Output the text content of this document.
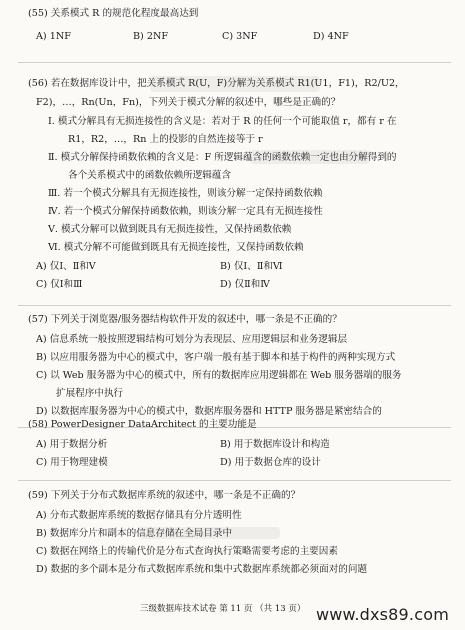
(55) 关系模式 R 的规范化程度最高达到
A) 1NF	B) 2NF	C) 3NF	D) 4NF
(56) 若在数据库设计中，把关系模式 R(U，F)分解为关系模式 R1(U1，F1)，R2/U2，
F2)，…，Rn(Un，Fn)，下列关于模式分解的叙述中，哪些是正确的？
Ⅰ. 模式分解具有无损连接性的含义是：若对于 R 的任何一个可能取值 r，都有 r 在
R1，R2，…，Rn 上的投影的自然连接等于 r
Ⅱ. 模式分解保持函数依赖的含义是：F 所逻辑蕴含的函数依赖一定也由分解得到的
各个关系模式中的函数依赖所逻辑蕴含
Ⅲ. 若一个模式分解具有无损连接性，则该分解一定保持函数依赖
Ⅳ. 若一个模式分解保持函数依赖，则该分解一定具有无损连接性
Ⅴ. 模式分解可以做到既具有无损连接性，又保持函数依赖
Ⅵ. 模式分解不可能做到既具有无损连接性，又保持函数依赖
A) 仅Ⅰ、Ⅱ和Ⅴ	B) 仅Ⅰ、Ⅱ和Ⅵ
C) 仅Ⅰ和Ⅲ	D) 仅Ⅱ和Ⅳ
(57) 下列关于浏览器/服务器结构软件开发的叙述中，哪一条是不正确的？
A) 信息系统一般按照逻辑结构可划分为表现层、应用逻辑层和业务逻辑层
B) 以应用服务器为中心的模式中，客户端一般有基于脚本和基于构件的两种实现方式
C) 以 Web 服务器为中心的模式中，所有的数据库应用逻辑都在 Web 服务器端的服务
扩展程序中执行
D) 以数据库服务器为中心的模式中，数据库服务器和 HTTP 服务器是紧密结合的
(58) PowerDesigner DataArchitect 的主要功能是
A) 用于数据分析	B) 用于数据库设计和构造
C) 用于物理建模	D) 用于数据仓库的设计
(59) 下列关于分布式数据库系统的叙述中，哪一条是不正确的？
A) 分布式数据库系统的数据存储具有分片透明性
B) 数据库分片和副本的信息存储在全局目录中
C) 数据在网络上的传输代价是分布式查询执行策略需要考虑的主要因素
D) 数据的多个副本是分布式数据库系统和集中式数据库系统都必须面对的问题
三级数据库技术试卷 第 11 页 （共 13 页） www.dxs89.com
